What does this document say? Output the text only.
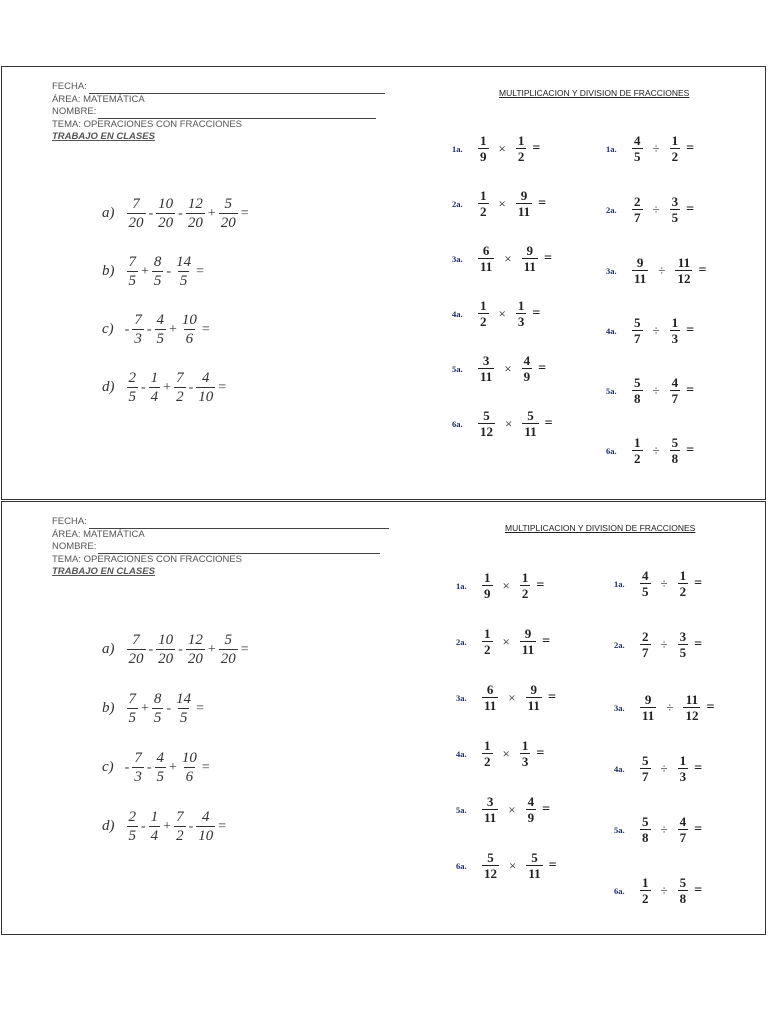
FECHA:
ÁREA: MATEMÁTICA
NOMBRE:
TEMA: OPERACIONES CON FRACCIONES
TRABAJO EN CLASES
$a) \frac{7}{20} - \frac{10}{20} - \frac{12}{20} + \frac{5}{20}$ =
$b) \frac{7}{5} + \frac{8}{5} - \frac{14}{5}$ =
$c) - \frac{7}{3} - \frac{4}{5} + \frac{10}{6}$ =
$d) \frac{2}{5} - \frac{1}{4} + \frac{7}{2} - \frac{4}{10}$ =
MULTIPLICACION Y DIVISION DE FRACCIONES
1a.	$\frac{1}{9} \times \frac{1}{2}$ =
2a.	$\frac{1}{2} \times \frac{9}{11}$ =
3a.	$\frac{6}{11} \times \frac{9}{11}$ =
4a.	$\frac{1}{2} \times \frac{1}{3}$ =
5a.	$\frac{3}{11} \times \frac{4}{9}$ =
6a.	$\frac{5}{12} \times \frac{5}{11}$ =
1a.	$\frac{4}{5} \div \frac{1}{2}$ =
2a.	$\frac{2}{7} \div \frac{3}{5}$ =
3a.	$\frac{9}{11} \div \frac{11}{12}$ =
4a.	$\frac{5}{7} \div \frac{1}{3}$ =
5a.	$\frac{5}{8} \div \frac{4}{7}$ =
6a.	$\frac{1}{2} \div \frac{5}{8}$ =
FECHA:
ÁREA: MATEMÁTICA
NOMBRE:
TEMA: OPERACIONES CON FRACCIONES
TRABAJO EN CLASES
$a) \frac{7}{20} - \frac{10}{20} - \frac{12}{20} + \frac{5}{20}$ =
$b) \frac{7}{5} + \frac{8}{5} - \frac{14}{5}$ =
$c) - \frac{7}{3} - \frac{4}{5} + \frac{10}{6}$ =
$d) \frac{2}{5} - \frac{1}{4} + \frac{7}{2} - \frac{4}{10}$ =
MULTIPLICACION Y DIVISION DE FRACCIONES
1a.	$\frac{1}{9} \times \frac{1}{2}$ =
2a.	$\frac{1}{2} \times \frac{9}{11}$ =
3a.	$\frac{6}{11} \times \frac{9}{11}$ =
4a.	$\frac{1}{2} \times \frac{1}{3}$ =
5a.	$\frac{3}{11} \times \frac{4}{9}$ =
6a.	$\frac{5}{12} \times \frac{5}{11}$ =
1a.	$\frac{4}{5} \div \frac{1}{2}$ =
2a.	$\frac{2}{7} \div \frac{3}{5}$ =
3a.	$\frac{9}{11} \div \frac{11}{12}$ =
4a.	$\frac{5}{7} \div \frac{1}{3}$ =
5a.	$\frac{5}{8} \div \frac{4}{7}$ =
6a.	$\frac{1}{2} \div \frac{5}{8}$ =
